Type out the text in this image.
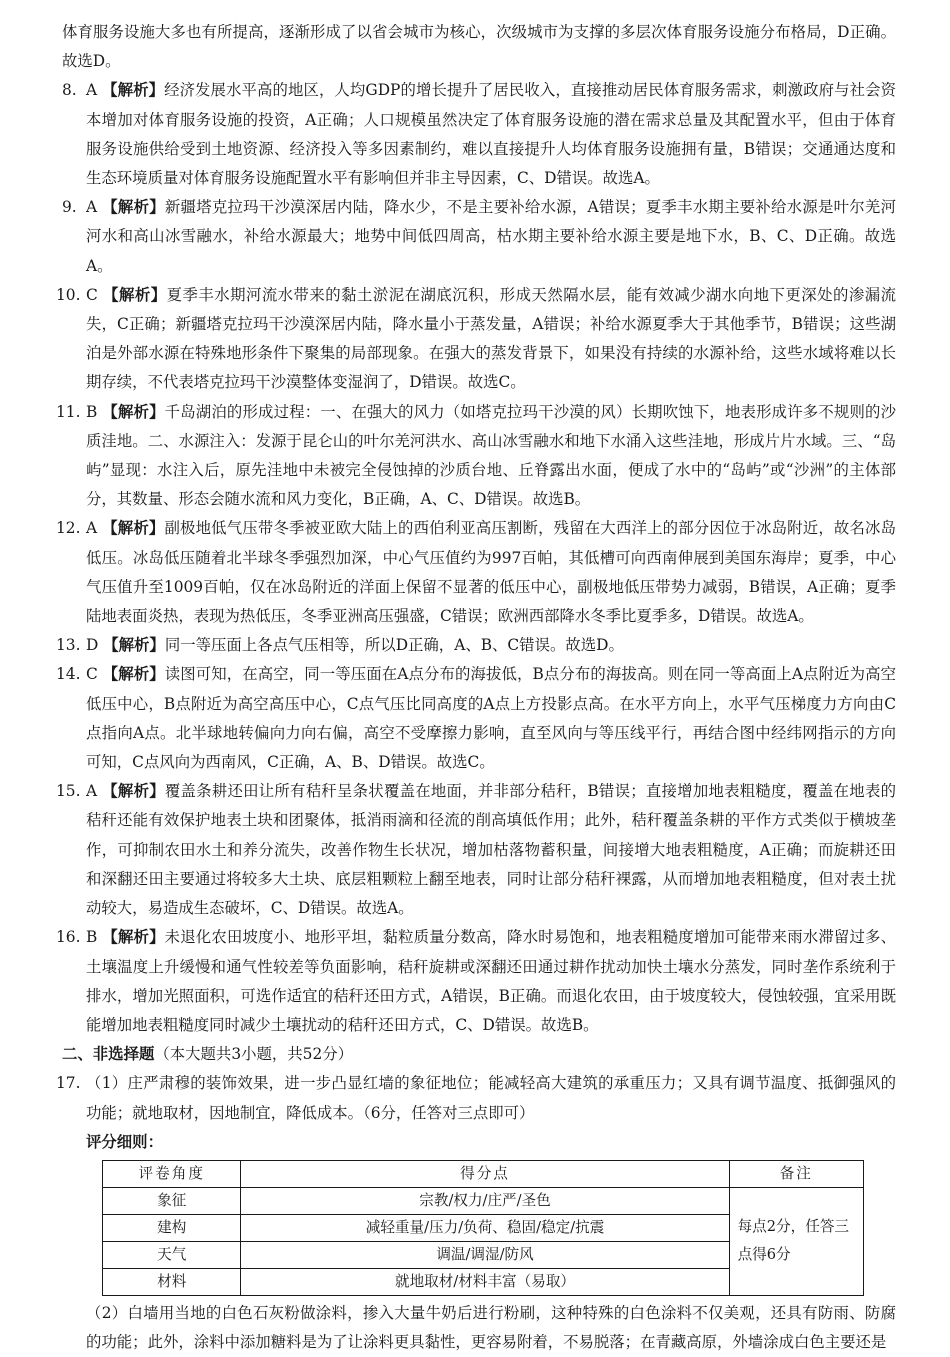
体育服务设施大多也有所提高，逐渐形成了以省会城市为核心，次级城市为支撑的多层次体育服务设施分布格局，D正确。故选D。

8. A 【解析】经济发展水平高的地区，人均GDP的增长提升了居民收入，直接推动居民体育服务需求，刺激政府与社会资本增加对体育服务设施的投资，A正确；人口规模虽然决定了体育服务设施的潜在需求总量及其配置水平，但由于体育服务设施供给受到土地资源、经济投入等多因素制约，难以直接提升人均体育服务设施拥有量，B错误；交通通达度和生态环境质量对体育服务设施配置水平有影响但并非主导因素，C、D错误。故选A。
9. A 【解析】新疆塔克拉玛干沙漠深居内陆，降水少，不是主要补给水源，A错误；夏季丰水期主要补给水源是叶尔羌河河水和高山冰雪融水，补给水源最大；地势中间低四周高，枯水期主要补给水源主要是地下水，B、C、D正确。故选A。
10. C 【解析】夏季丰水期河流水带来的黏土淤泥在湖底沉积，形成天然隔水层，能有效减少湖水向地下更深处的渗漏流失，C正确；新疆塔克拉玛干沙漠深居内陆，降水量小于蒸发量，A错误；补给水源夏季大于其他季节，B错误；这些湖泊是外部水源在特殊地形条件下聚集的局部现象。在强大的蒸发背景下，如果没有持续的水源补给，这些水域将难以长期存续，不代表塔克拉玛干沙漠整体变湿润了，D错误。故选C。
11. B 【解析】千岛湖泊的形成过程：一、在强大的风力（如塔克拉玛干沙漠的风）长期吹蚀下，地表形成许多不规则的沙质洼地。二、水源注入：发源于昆仑山的叶尔羌河洪水、高山冰雪融水和地下水涌入这些洼地，形成片片水域。三、“岛屿”显现：水注入后，原先洼地中未被完全侵蚀掉的沙质台地、丘脊露出水面，便成了水中的“岛屿”或“沙洲”的主体部分，其数量、形态会随水流和风力变化，B正确，A、C、D错误。故选B。
12. A 【解析】副极地低气压带冬季被亚欧大陆上的西伯利亚高压割断，残留在大西洋上的部分因位于冰岛附近，故名冰岛低压。冰岛低压随着北半球冬季强烈加深，中心气压值约为997百帕，其低槽可向西南伸展到美国东海岸；夏季，中心气压值升至1009百帕，仅在冰岛附近的洋面上保留不显著的低压中心，副极地低压带势力减弱，B错误，A正确；夏季陆地表面炎热，表现为热低压，冬季亚洲高压强盛，C错误；欧洲西部降水冬季比夏季多，D错误。故选A。
13. D 【解析】同一等压面上各点气压相等，所以D正确，A、B、C错误。故选D。
14. C 【解析】读图可知，在高空，同一等压面在A点分布的海拔低，B点分布的海拔高。则在同一等高面上A点附近为高空低压中心，B点附近为高空高压中心，C点气压比同高度的A点上方投影点高。在水平方向上，水平气压梯度力方向由C点指向A点。北半球地转偏向力向右偏，高空不受摩擦力影响，直至风向与等压线平行，再结合图中经纬网指示的方向可知，C点风向为西南风，C正确，A、B、D错误。故选C。
15. A 【解析】覆盖条耕还田让所有秸秆呈条状覆盖在地面，并非部分秸秆，B错误；直接增加地表粗糙度，覆盖在地表的秸秆还能有效保护地表土块和团聚体，抵消雨滴和径流的削高填低作用；此外，秸秆覆盖条耕的平作方式类似于横坡垄作，可抑制农田水土和养分流失，改善作物生长状况，增加枯落物蓄积量，间接增大地表粗糙度，A正确；而旋耕还田和深翻还田主要通过将较多大土块、底层粗颗粒上翻至地表，同时让部分秸秆裸露，从而增加地表粗糙度，但对表土扰动较大，易造成生态破坏，C、D错误。故选A。
16. B 【解析】未退化农田坡度小、地形平坦，黏粒质量分数高，降水时易饱和，地表粗糙度增加可能带来雨水滞留过多、土壤温度上升缓慢和通气性较差等负面影响，秸秆旋耕或深翻还田通过耕作扰动加快土壤水分蒸发，同时垄作系统利于排水，增加光照面积，可选作适宜的秸秆还田方式，A错误，B正确。而退化农田，由于坡度较大，侵蚀较强，宜采用既能增加地表粗糙度同时减少土壤扰动的秸秆还田方式，C、D错误。故选B。

二、非选择题（本大题共3小题，共52分）

17. （1）庄严肃穆的装饰效果，进一步凸显红墙的象征地位；能减轻高大建筑的承重压力；又具有调节温度、抵御强风的功能；就地取材，因地制宜，降低成本。（6分，任答对三点即可）

评分细则：

评卷角度	得分点	备注
象征	宗教/权力/庄严/圣色	每点2分，任答三点得6分
建构	减轻重量/压力/负荷、稳固/稳定/抗震	
天气	调温/调湿/防风	
材料	就地取材/材料丰富（易取）	

（2）白墙用当地的白色石灰粉做涂料，掺入大量牛奶后进行粉刷，这种特殊的白色涂料不仅美观，还具有防雨、防腐的功能；此外，涂料中添加糖料是为了让涂料更具黏性，更容易附着，不易脱落；在青藏高原，外墙涂成白色主要还是
